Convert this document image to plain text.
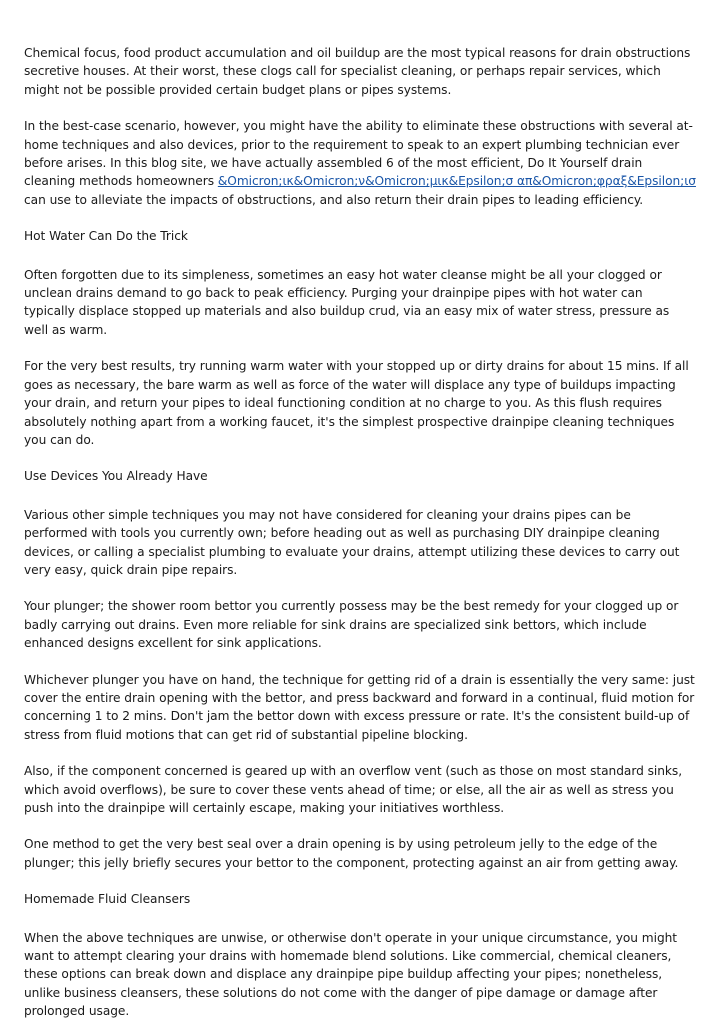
Chemical focus, food product accumulation and oil buildup are the most typical reasons for drain obstructions secretive houses. At their worst, these clogs call for specialist cleaning, or perhaps repair services, which might not be possible provided certain budget plans or pipes systems.

In the best-case scenario, however, you might have the ability to eliminate these obstructions with several at-home techniques and also devices, prior to the requirement to speak to an expert plumbing technician ever before arises. In this blog site, we have actually assembled 6 of the most efficient, Do It Yourself drain cleaning methods homeowners &Omicron;ικ&Omicron;ν&Omicron;μικ&Epsilon;σ απ&Omicron;φραξ&Epsilon;ισ can use to alleviate the impacts of obstructions, and also return their drain pipes to leading efficiency.

Hot Water Can Do the Trick

Often forgotten due to its simpleness, sometimes an easy hot water cleanse might be all your clogged or unclean drains demand to go back to peak efficiency. Purging your drainpipe pipes with hot water can typically displace stopped up materials and also buildup crud, via an easy mix of water stress, pressure as well as warm.

For the very best results, try running warm water with your stopped up or dirty drains for about 15 mins. If all goes as necessary, the bare warm as well as force of the water will displace any type of buildups impacting your drain, and return your pipes to ideal functioning condition at no charge to you. As this flush requires absolutely nothing apart from a working faucet, it's the simplest prospective drainpipe cleaning techniques you can do.

Use Devices You Already Have

Various other simple techniques you may not have considered for cleaning your drains pipes can be performed with tools you currently own; before heading out as well as purchasing DIY drainpipe cleaning devices, or calling a specialist plumbing to evaluate your drains, attempt utilizing these devices to carry out very easy, quick drain pipe repairs.

Your plunger; the shower room bettor you currently possess may be the best remedy for your clogged up or badly carrying out drains. Even more reliable for sink drains are specialized sink bettors, which include enhanced designs excellent for sink applications.

Whichever plunger you have on hand, the technique for getting rid of a drain is essentially the very same: just cover the entire drain opening with the bettor, and press backward and forward in a continual, fluid motion for concerning 1 to 2 mins. Don't jam the bettor down with excess pressure or rate. It's the consistent build-up of stress from fluid motions that can get rid of substantial pipeline blocking.

Also, if the component concerned is geared up with an overflow vent (such as those on most standard sinks, which avoid overflows), be sure to cover these vents ahead of time; or else, all the air as well as stress you push into the drainpipe will certainly escape, making your initiatives worthless.

One method to get the very best seal over a drain opening is by using petroleum jelly to the edge of the plunger; this jelly briefly secures your bettor to the component, protecting against an air from getting away.

Homemade Fluid Cleansers

When the above techniques are unwise, or otherwise don't operate in your unique circumstance, you might want to attempt clearing your drains with homemade blend solutions. Like commercial, chemical cleaners, these options can break down and displace any drainpipe pipe buildup affecting your pipes; nonetheless, unlike business cleansers, these solutions do not come with the danger of pipe damage or damage after prolonged usage.
